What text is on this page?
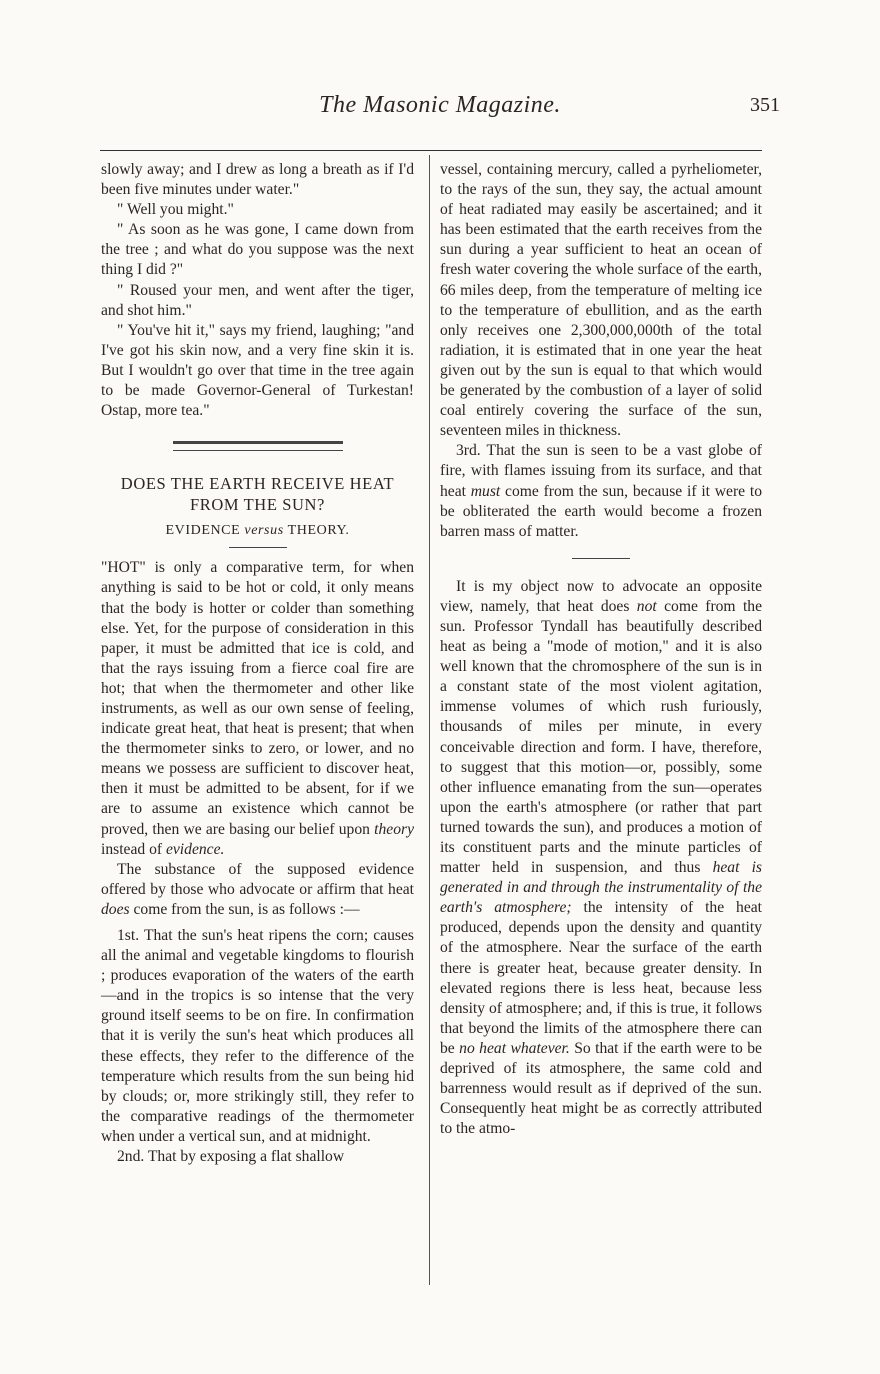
The Masonic Magazine.	351

slowly away; and I drew as long a breath as if I'd been five minutes under water."

" Well you might."

" As soon as he was gone, I came down from the tree ; and what do you suppose was the next thing I did ?"

" Roused your men, and went after the tiger, and shot him."

" You've hit it," says my friend, laughing; "and I've got his skin now, and a very fine skin it is. But I wouldn't go over that time in the tree again to be made Governor-General of Turkestan! Ostap, more tea."

DOES THE EARTH RECEIVE HEAT
FROM THE SUN?
EVIDENCE versus THEORY.

"HOT" is only a comparative term, for when anything is said to be hot or cold, it only means that the body is hotter or colder than something else. Yet, for the purpose of consideration in this paper, it must be admitted that ice is cold, and that the rays issuing from a fierce coal fire are hot; that when the thermometer and other like instruments, as well as our own sense of feeling, indicate great heat, that heat is present; that when the thermometer sinks to zero, or lower, and no means we possess are sufficient to discover heat, then it must be admitted to be absent, for if we are to assume an existence which cannot be proved, then we are basing our belief upon theory instead of evidence.

The substance of the supposed evidence offered by those who advocate or affirm that heat does come from the sun, is as follows :—

1st. That the sun's heat ripens the corn; causes all the animal and vegetable kingdoms to flourish ; produces evaporation of the waters of the earth—and in the tropics is so intense that the very ground itself seems to be on fire. In confirmation that it is verily the sun's heat which produces all these effects, they refer to the difference of the temperature which results from the sun being hid by clouds; or, more strikingly still, they refer to the comparative readings of the thermometer when under a vertical sun, and at midnight.

2nd. That by exposing a flat shallow

vessel, containing mercury, called a pyrheliometer, to the rays of the sun, they say, the actual amount of heat radiated may easily be ascertained; and it has been estimated that the earth receives from the sun during a year sufficient to heat an ocean of fresh water covering the whole surface of the earth, 66 miles deep, from the temperature of melting ice to the temperature of ebullition, and as the earth only receives one 2,300,000,000th of the total radiation, it is estimated that in one year the heat given out by the sun is equal to that which would be generated by the combustion of a layer of solid coal entirely covering the surface of the sun, seventeen miles in thickness.

3rd. That the sun is seen to be a vast globe of fire, with flames issuing from its surface, and that heat must come from the sun, because if it were to be obliterated the earth would become a frozen barren mass of matter.

It is my object now to advocate an opposite view, namely, that heat does not come from the sun. Professor Tyndall has beautifully described heat as being a "mode of motion," and it is also well known that the chromosphere of the sun is in a constant state of the most violent agitation, immense volumes of which rush furiously, thousands of miles per minute, in every conceivable direction and form. I have, therefore, to suggest that this motion—or, possibly, some other influence emanating from the sun—operates upon the earth's atmosphere (or rather that part turned towards the sun), and produces a motion of its constituent parts and the minute particles of matter held in suspension, and thus heat is generated in and through the instrumentality of the earth's atmosphere; the intensity of the heat produced, depends upon the density and quantity of the atmosphere. Near the surface of the earth there is greater heat, because greater density. In elevated regions there is less heat, because less density of atmosphere; and, if this is true, it follows that beyond the limits of the atmosphere there can be no heat whatever. So that if the earth were to be deprived of its atmosphere, the same cold and barrenness would result as if deprived of the sun. Consequently heat might be as correctly attributed to the atmo-
